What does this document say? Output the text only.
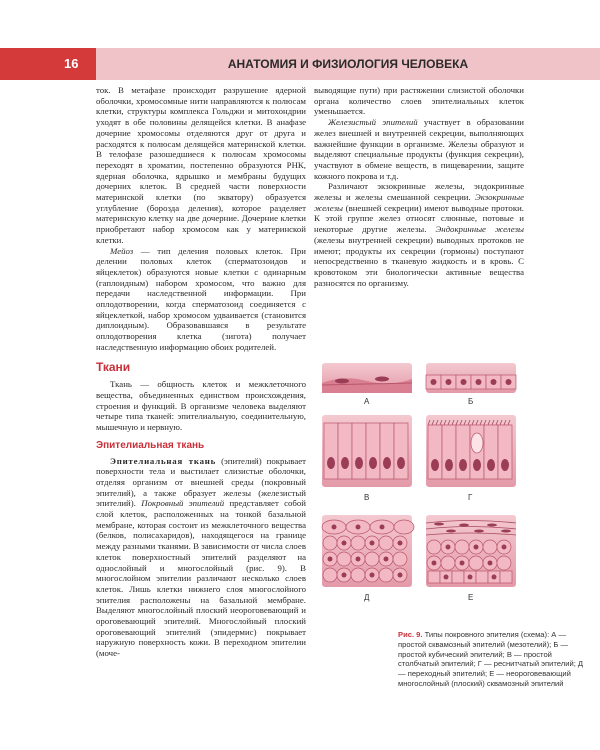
16	АНАТОМИЯ И ФИЗИОЛОГИЯ ЧЕЛОВЕКА

ток. В метафазе происходит разрушение ядерной оболочки, хромосомные нити направляются к полюсам клетки, структуры комплекса Гольджи и митохондрии уходят в обе половины делящейся клетки. В анафазе дочерние хромосомы отделяются друг от друга и расходятся к полюсам делящейся материнской клетки. В телофазе разошедшиеся к полюсам хромосомы переходят в хроматин, постепенно образуются РНК, ядерная оболочка, ядрышко и мембраны будущих дочерних клеток. В средней части поверхности материнской клетки (по экватору) образуется углубление (борозда деления), которое разделяет материнскую клетку на две дочерние. Дочерние клетки приобретают набор хромосом как у материнской клетки.

Мейоз — тип деления половых клеток. При делении половых клеток (сперматозоидов и яйцеклеток) образуются новые клетки с одинарным (гаплоидным) набором хромосом, что важно для передачи наследственной информации. При оплодотворении, когда сперматозоид соединяется с яйцеклеткой, набор хромосом удваивается (становится диплоидным). Образовавшаяся в результате оплодотворения клетка (зигота) получает наследственную информацию обоих родителей.

Ткани

Ткань — общность клеток и межклеточного вещества, объединенных единством происхождения, строения и функций. В организме человека выделяют четыре типа тканей: эпителиальную, соединительную, мышечную и нервную.

Эпителиальная ткань

Эпителиальная ткань (эпителий) покрывает поверхности тела и выстилает слизистые оболочки, отделяя организм от внешней среды (покровный эпителий), а также образует железы (железистый эпителий). Покровный эпителий представляет собой слой клеток, расположенных на тонкой базальной мембране, которая состоит из межклеточного вещества (белков, полисахаридов), находящегося на границе между разными тканями. В зависимости от числа слоев клеток поверхностный эпителий разделяют на однослойный и многослойный (рис. 9). В многослойном эпителии различают несколько слоев клеток. Лишь клетки нижнего слоя многослойного эпителия расположены на базальной мембране. Выделяют многослойный плоский неороговевающий и ороговевающий эпителий. Многослойный плоский ороговевающий эпителий (эпидермис) покрывает наружную поверхность кожи. В переходном эпителии (моче-

выводящие пути) при растяжении слизистой оболочки органа количество слоев эпителиальных клеток уменьшается.

Железистый эпителий участвует в образовании желез внешней и внутренней секреции, выполняющих важнейшие функции в организме. Железы образуют и выделяют специальные продукты (функция секреции), участвуют в обмене веществ, в пищеварении, защите кожного покрова и т.д.

Различают экзокринные железы, эндокринные железы и железы смешанной секреции. Экзокринные железы (внешней секреции) имеют выводные протоки. К этой группе желез относят слюнные, потовые и некоторые другие железы. Эндокринные железы (железы внутренней секреции) выводных протоков не имеют; продукты их секреции (гормоны) поступают непосредственно в тканевую жидкость и в кровь. С кровотоком эти биологически активные вещества разносятся по организму.

А	Б
В	Г
Д	Е
Рис. 9. Типы покровного эпителия (схема): А — простой сквамозный эпителий (мезотелий); Б — простой кубический эпителий; В — простой столбчатый эпителий; Г — реснитчатый эпителий; Д — переходный эпителий; Е — неороговевающий многослойный (плоский) сквамозный эпителий
